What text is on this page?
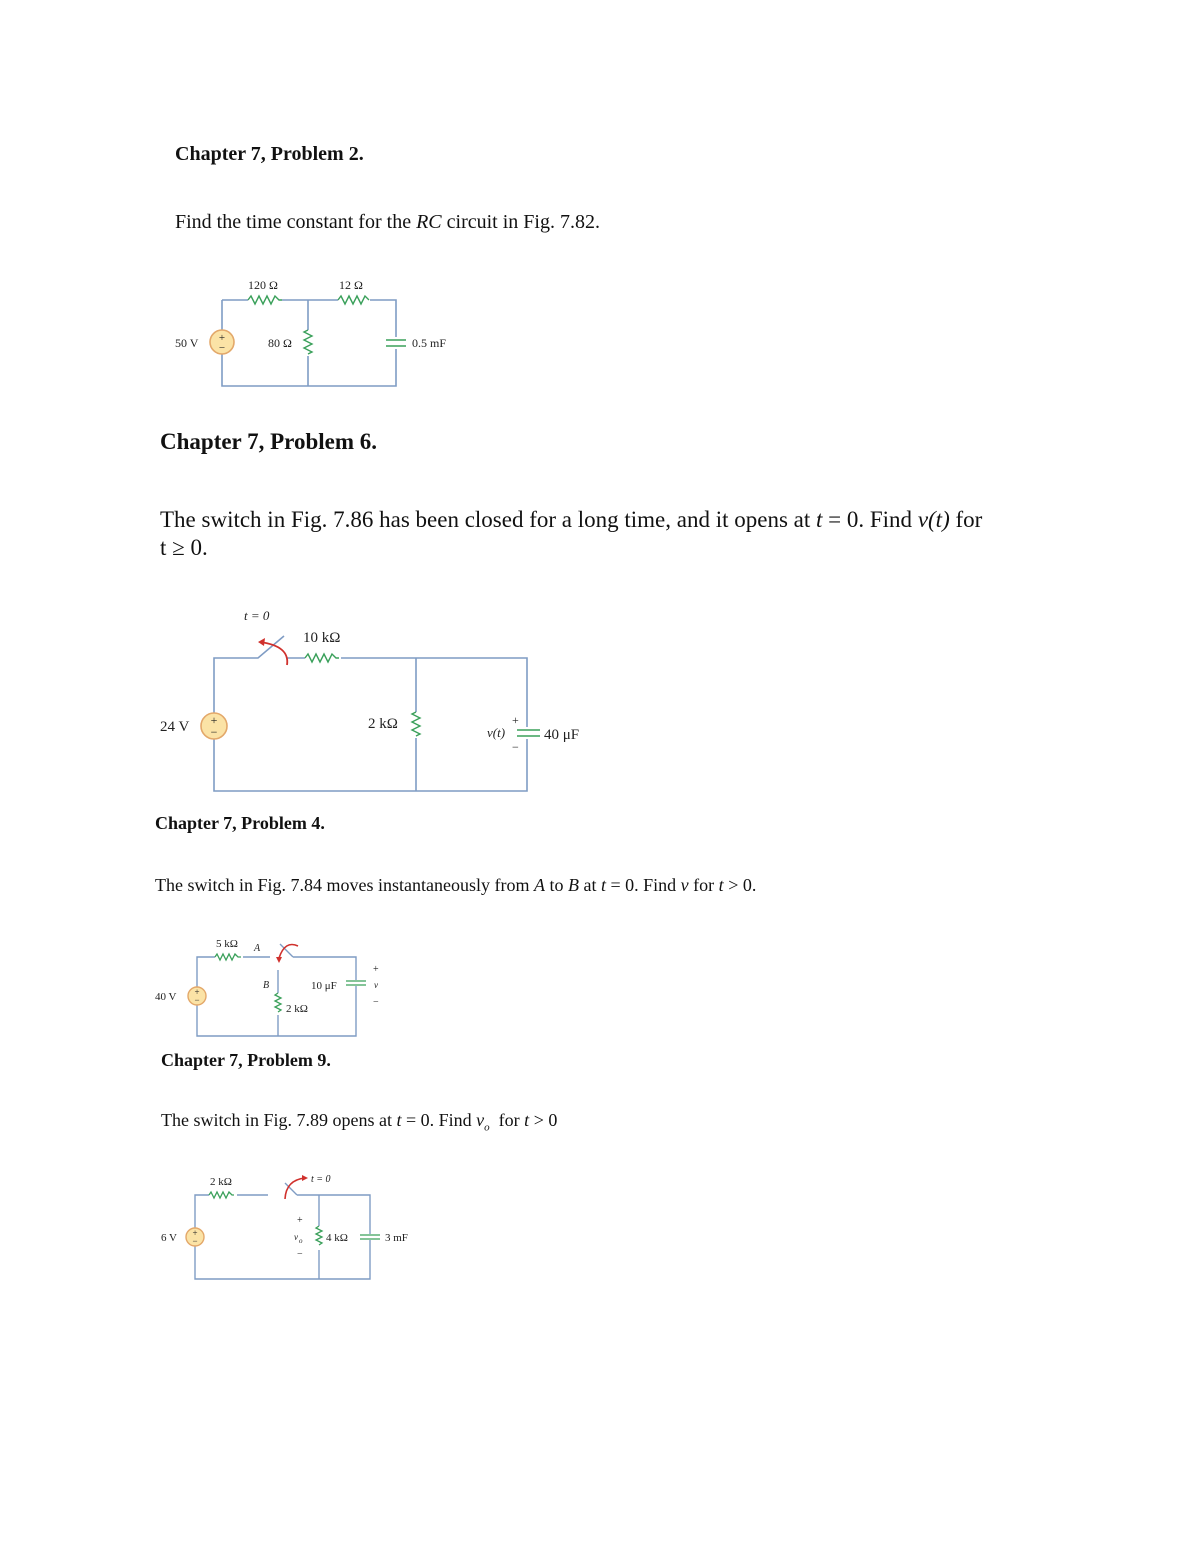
Chapter 7, Problem 2.
Find the time constant for the RC circuit in Fig. 7.82.
+
−
50 V
120 Ω	12 Ω
80 Ω	0.5 mF
Chapter 7, Problem 6.
The switch in Fig. 7.86 has been closed for a long time, and it opens at t = 0. Find v(t) for
t ≥ 0.
+
−
t = 0
10 kΩ
24 V	2 kΩ
v(t)
+
−
40 μF
Chapter 7, Problem 4.
The switch in Fig. 7.84 moves instantaneously from A to B at t = 0. Find v for t > 0.
+
−
40 V
5 kΩ A
B	10 μF
2 kΩ
+
v
−
Chapter 7, Problem 9.
The switch in Fig. 7.89 opens at t = 0. Find $v_o$  for t > 0
+
−
6 V
2 kΩ	t = 0
+
v o
−
4 kΩ	3 mF
